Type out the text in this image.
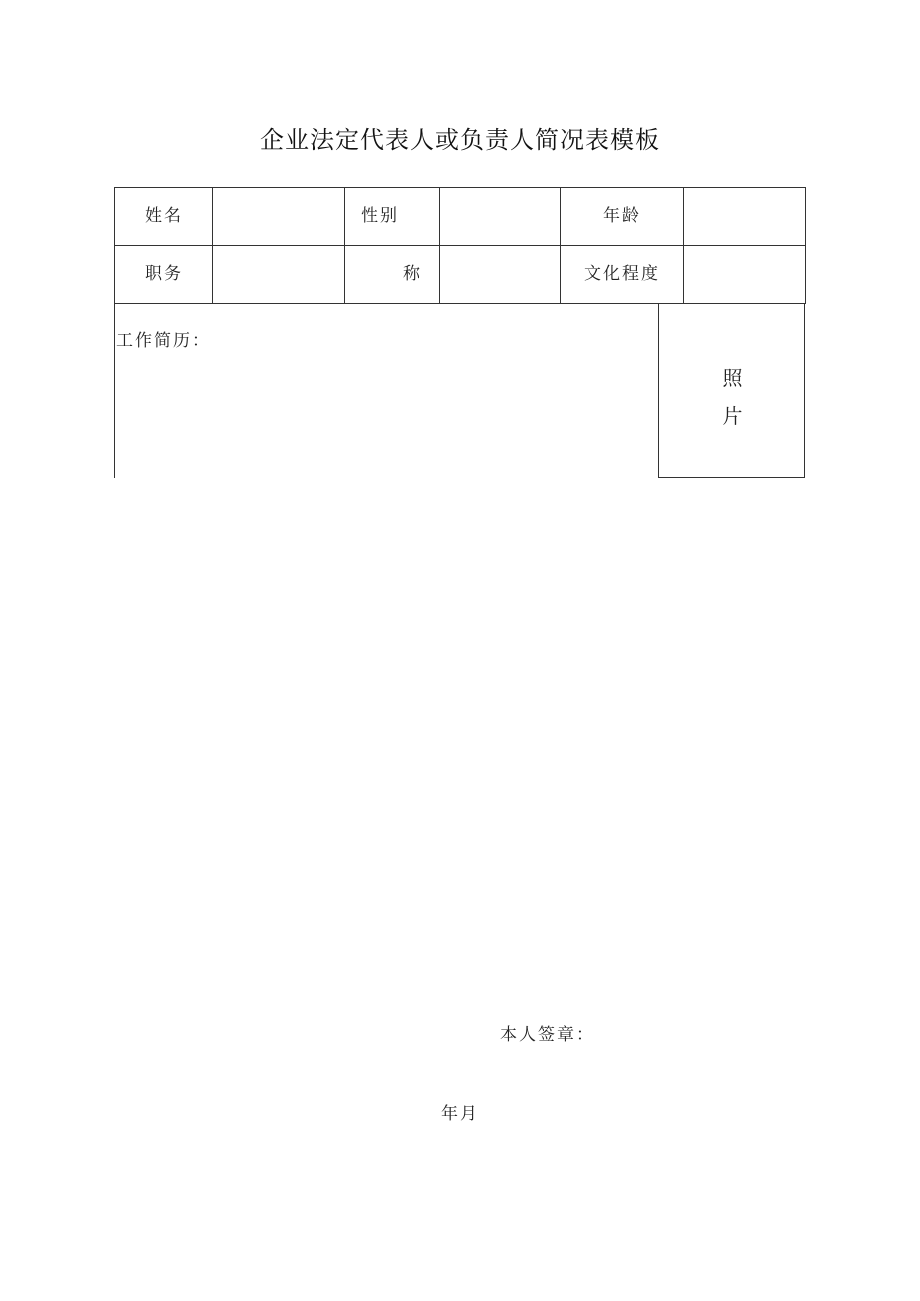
企业法定代表人或负责人简况表模板
姓名	性别	年龄
职务	称	文化程度
工作简历：
照
片
本人签章：
年月
